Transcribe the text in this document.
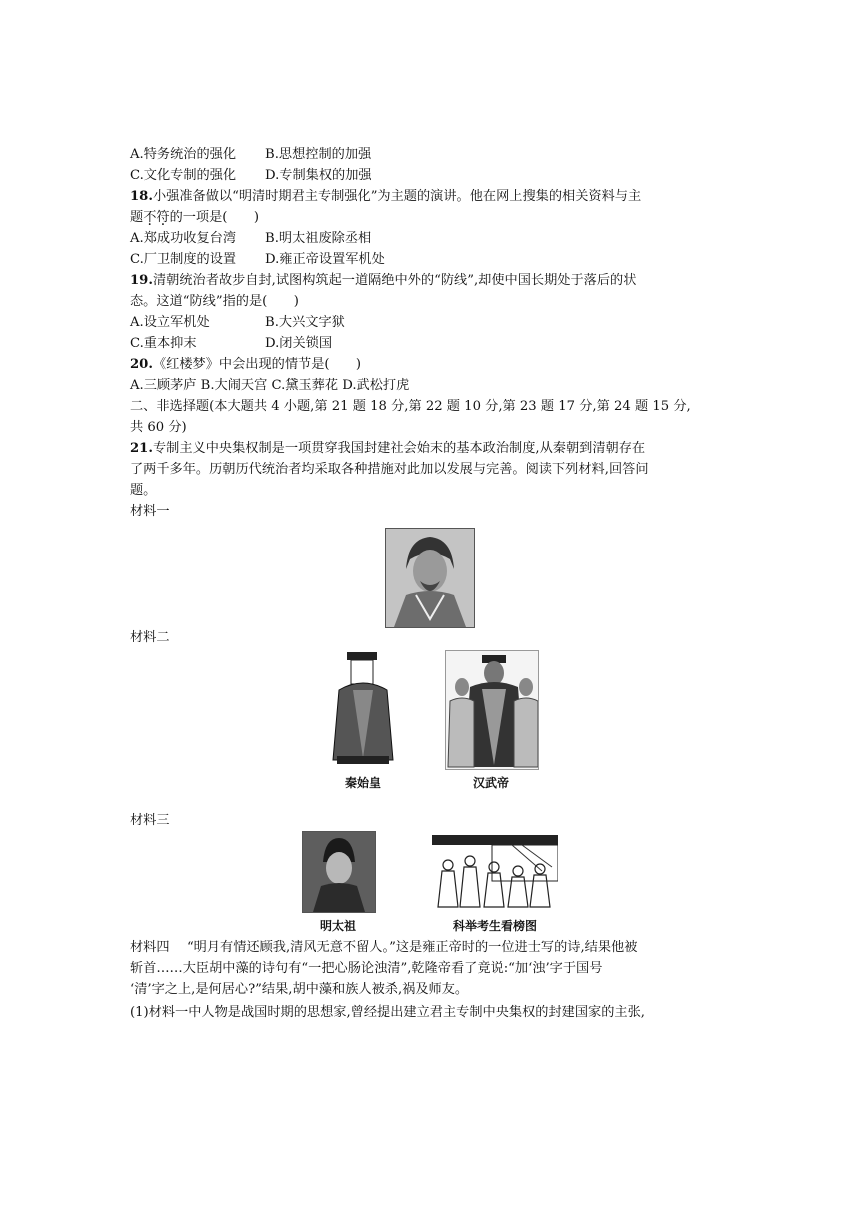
A.特务统治的强化 B.思想控制的加强
C.文化专制的强化 D.专制集权的加强
18.小强准备做以“明清时期君主专制强化”为主题的演讲。他在网上搜集的相关资料与主
题不符的一项是(　　)
A.郑成功收复台湾 B.明太祖废除丞相
C.厂卫制度的设置 D.雍正帝设置军机处
19.清朝统治者故步自封,试图构筑起一道隔绝中外的“防线”,却使中国长期处于落后的状
态。这道“防线”指的是(　　)
A.设立军机处	B.大兴文字狱
C.重本抑末	D.闭关锁国
20.《红楼梦》中会出现的情节是(　　)
A.三顾茅庐 B.大闹天宫 C.黛玉葬花 D.武松打虎
二、非选择题(本大题共 4 小题,第 21 题 18 分,第 22 题 10 分,第 23 题 17 分,第 24 题 15 分,
共 60 分)
21.专制主义中央集权制是一项贯穿我国封建社会始末的基本政治制度,从秦朝到清朝存在
了两千多年。历朝历代统治者均采取各种措施对此加以发展与完善。阅读下列材料,回答问
题。
材料一
材料二
秦始皇	汉武帝
材料三
明太祖	科举考生看榜图
材料四　 “明月有情还顾我,清风无意不留人。”这是雍正帝时的一位进士写的诗,结果他被
斩首……大臣胡中藻的诗句有“一把心肠论浊清”,乾隆帝看了竟说:“加‘浊’字于国号
‘清’字之上,是何居心?”结果,胡中藻和族人被杀,祸及师友。
(1)材料一中人物是战国时期的思想家,曾经提出建立君主专制中央集权的封建国家的主张,
